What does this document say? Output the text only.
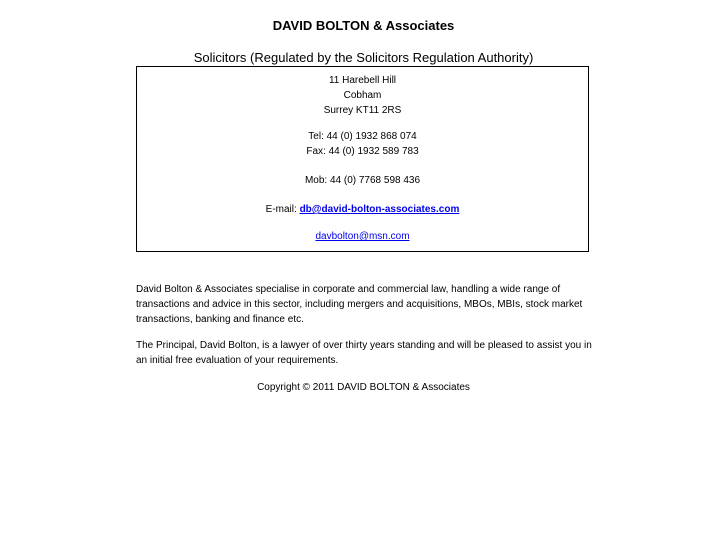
DAVID BOLTON & Associates
Solicitors (Regulated by the Solicitors Regulation Authority)
11 Harebell Hill
Cobham
Surrey KT11 2RS
Tel: 44 (0) 1932 868 074
Fax: 44 (0) 1932 589 783
Mob: 44 (0) 7768 598 436
E-mail: db@david-bolton-associates.com
davbolton@msn.com
David Bolton & Associates specialise in corporate and commercial law, handling a wide range of transactions and advice in this sector, including mergers and acquisitions, MBOs, MBIs, stock market transactions, banking and finance etc.
The Principal, David Bolton, is a lawyer of over thirty years standing and will be pleased to assist you in an initial free evaluation of your requirements.
Copyright © 2011 DAVID BOLTON & Associates
